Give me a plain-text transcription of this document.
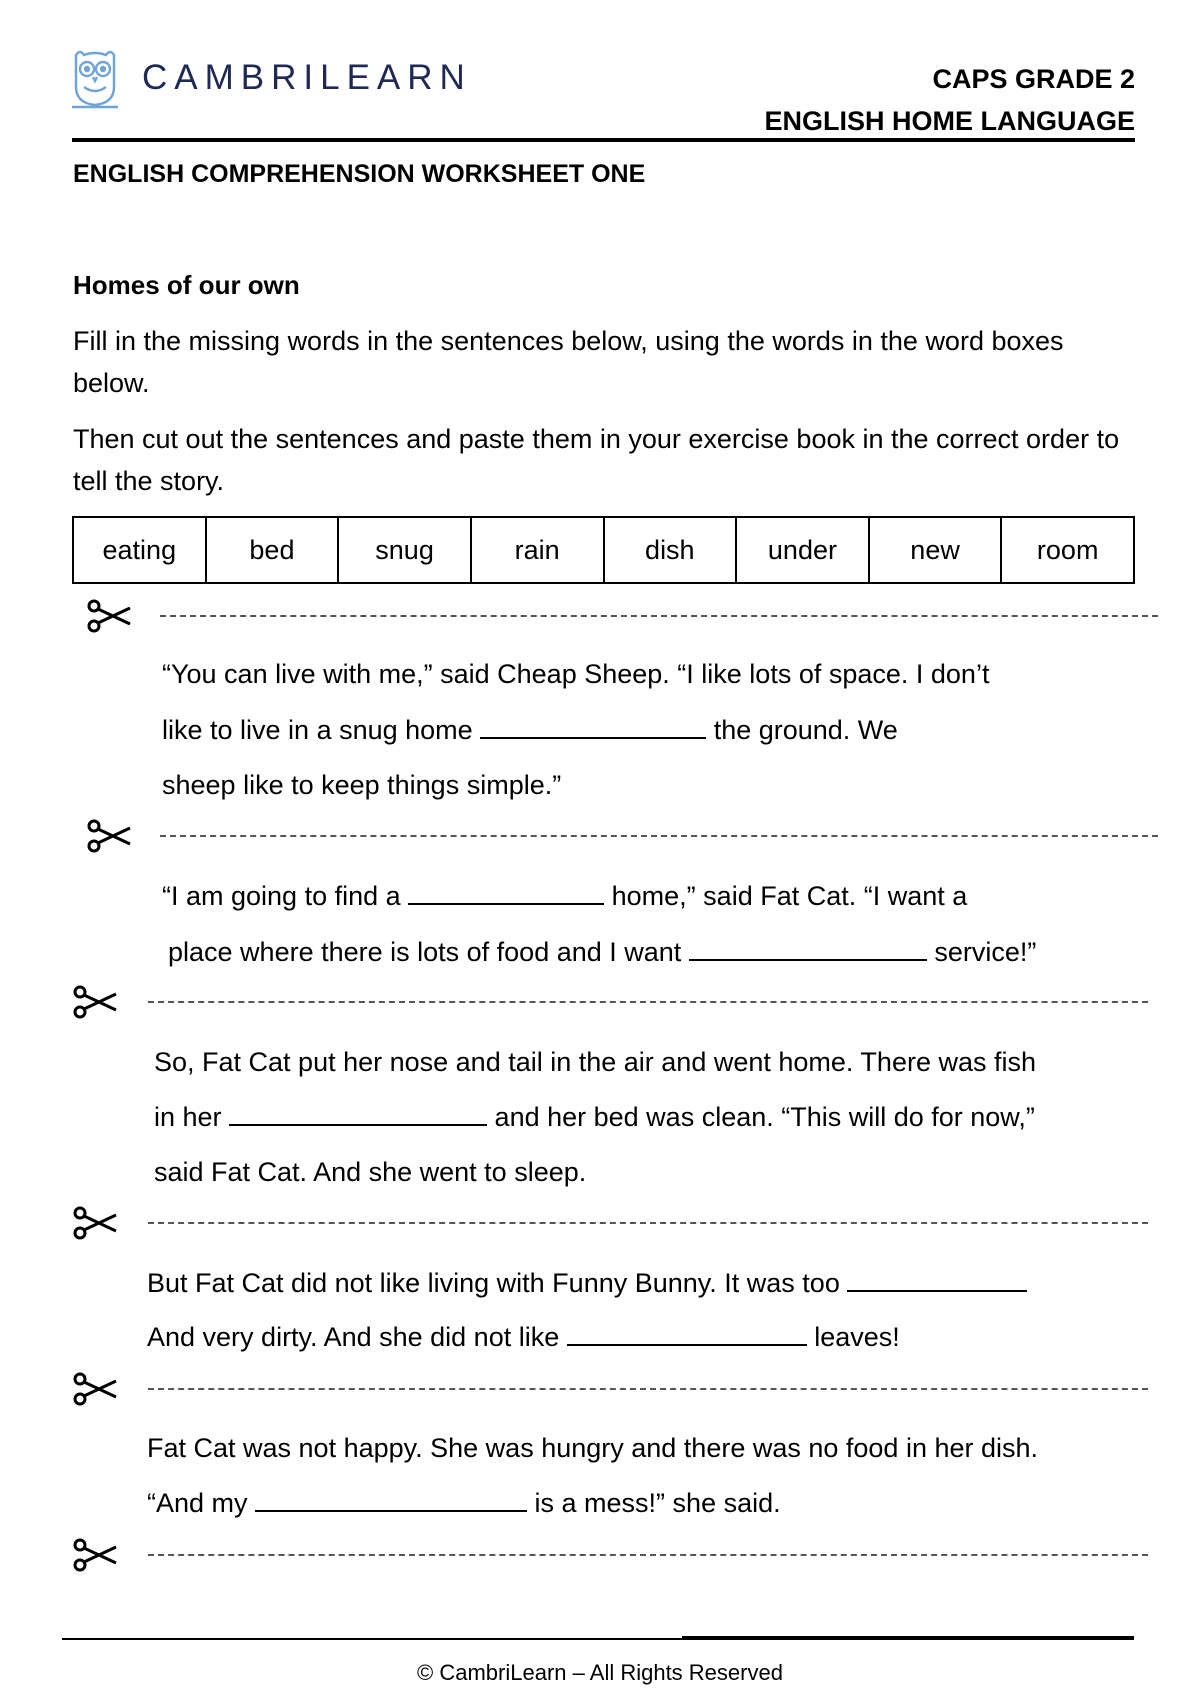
CAMBRILEARN	CAPS GRADE 2
ENGLISH HOME LANGUAGE
ENGLISH COMPREHENSION WORKSHEET ONE
Homes of our own
Fill in the missing words in the sentences below, using the words in the word boxes below.
Then cut out the sentences and paste them in your exercise book in the correct order to tell the story.
eating	bed	snug	rain	dish	under	new	room
“You can live with me,” said Cheap Sheep. “I like lots of space. I don’t
like to live in a snug home	the ground. We
sheep like to keep things simple.”
“I am going to find a	home,” said Fat Cat. “I want a
place where there is lots of food and I want	service!”
So, Fat Cat put her nose and tail in the air and went home. There was fish
in her	and her bed was clean. “This will do for now,”
said Fat Cat. And she went to sleep.
But Fat Cat did not like living with Funny Bunny. It was too
And very dirty. And she did not like	leaves!
Fat Cat was not happy. She was hungry and there was no food in her dish.
“And my	is a mess!” she said.
© CambriLearn – All Rights Reserved
